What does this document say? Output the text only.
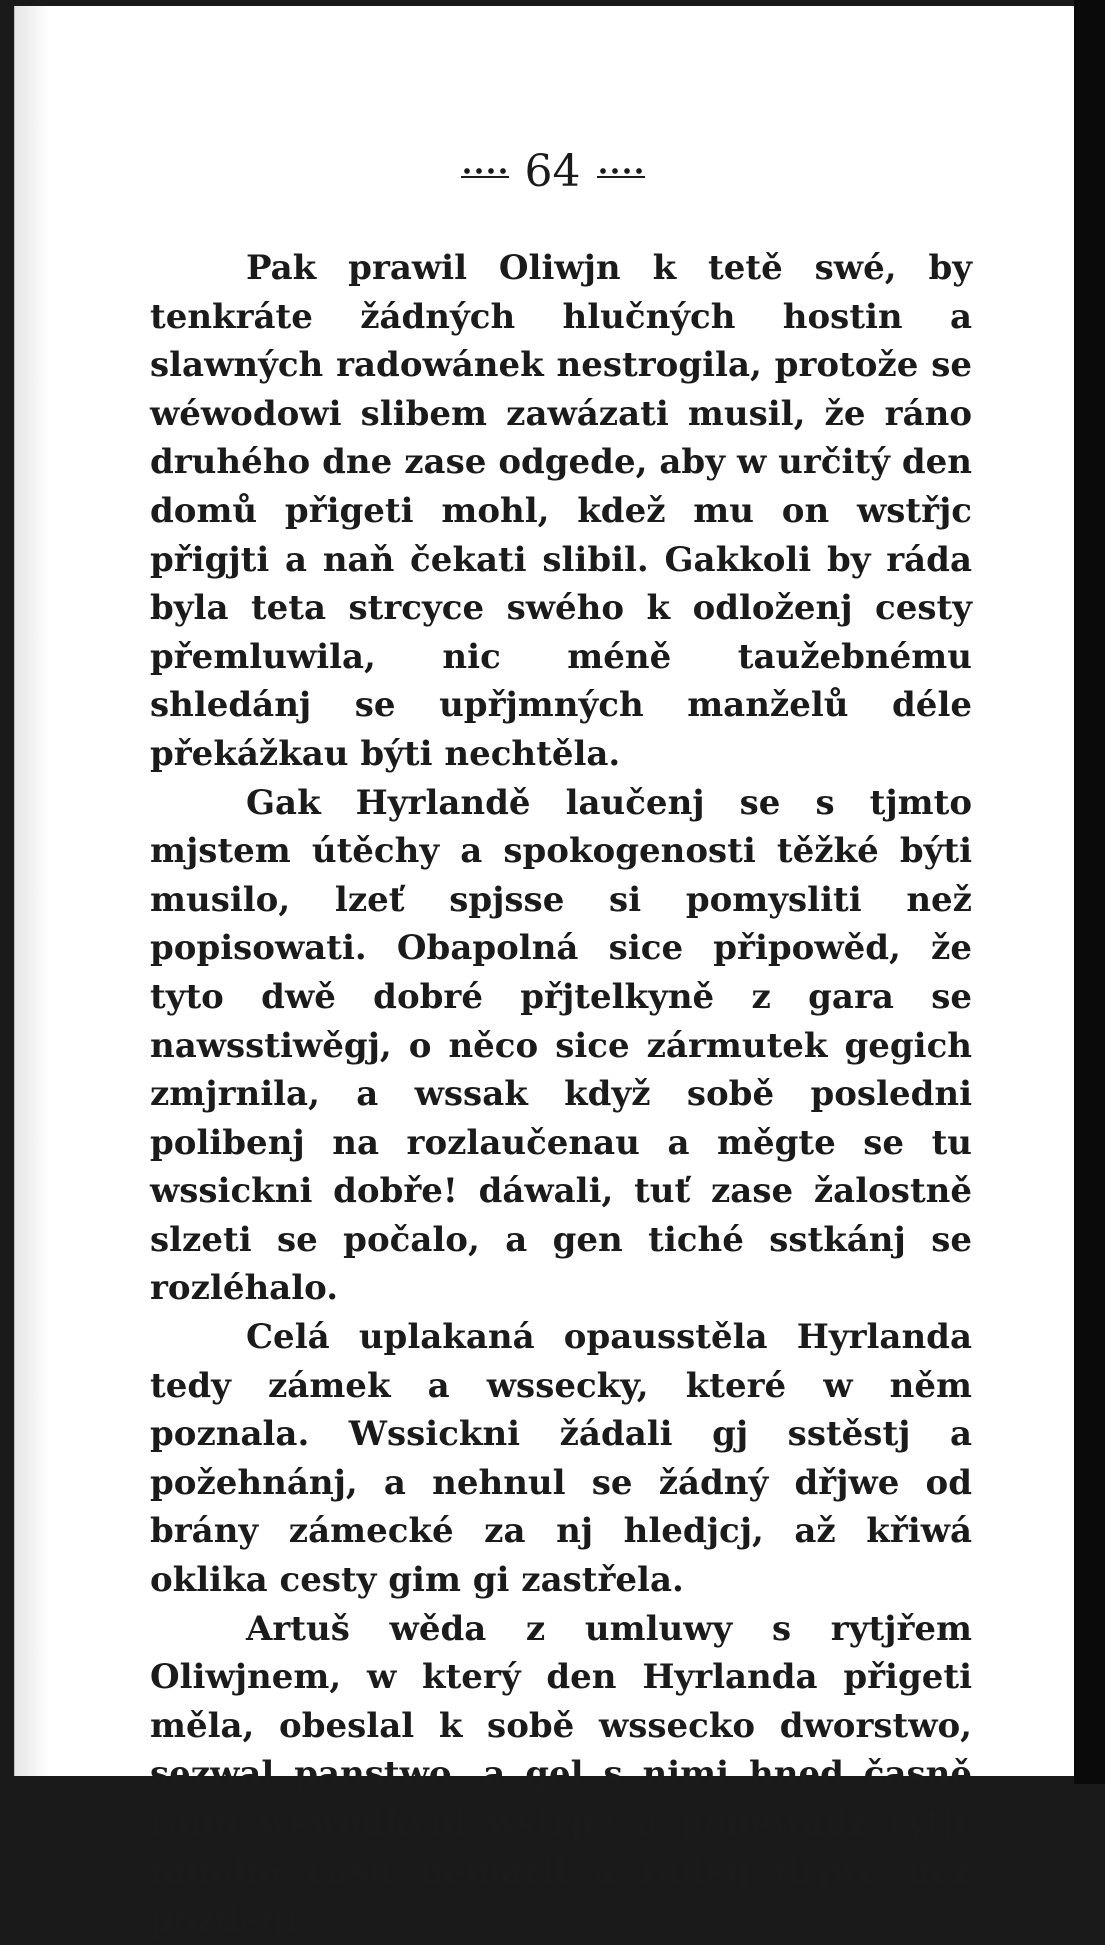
64

Pak prawil Oliwjn k tetě swé, by tenkráte žádných hlučných hostin a slawných radowánek nestrogila, protože se wéwodowi slibem zawázati musil, že ráno druhého dne zase odgede, aby w určitý den domů přigeti mohl, kdež mu on wstřjc přigjti a naň čekati slibil. Gakkoli by ráda byla teta strcyce swého k odloženj cesty přemluwila, nic méně taužebnému shledánj se upřjmných manželů déle překážkau býti nechtěla.

Gak Hyrlandě laučenj se s tjmto mjstem útěchy a spokogenosti těžké býti musilo, lzeť spjsse si pomysliti než popisowati. Obapolná sice připowěd, že tyto dwě dobré přjtelkyně z gara se nawsstiwěgj, o něco sice zármutek gegich zmjrnila, a wssak když sobě posledni polibenj na rozlaučenau a měgte se tu wssickni dobře! dáwali, tuť zase žalostně slzeti se počalo, a gen tiché sstkánj se rozléhalo.

Celá uplakaná opausstěla Hyrlanda tedy zámek a wssecky, které w něm poznala. Wssickni žádali gj sstěstj a požehnánj, a nehnul se žádný dřjwe od brány zámecké za nj hledjcj, až křiwá oklika cesty gim gi zastřela.

Artuš wěda z umluwy s rytjřem Oliwjnem, w který den Hyrlanda přigeti měla, obeslal k sobě wssecko dworstwo, sezwal panstwo, a gel s nimi hned časně ráno wéwodkyni wstřjc; a poněwadž rytjř mnoho času nemařil a raděg dřjwe než pozděgi
